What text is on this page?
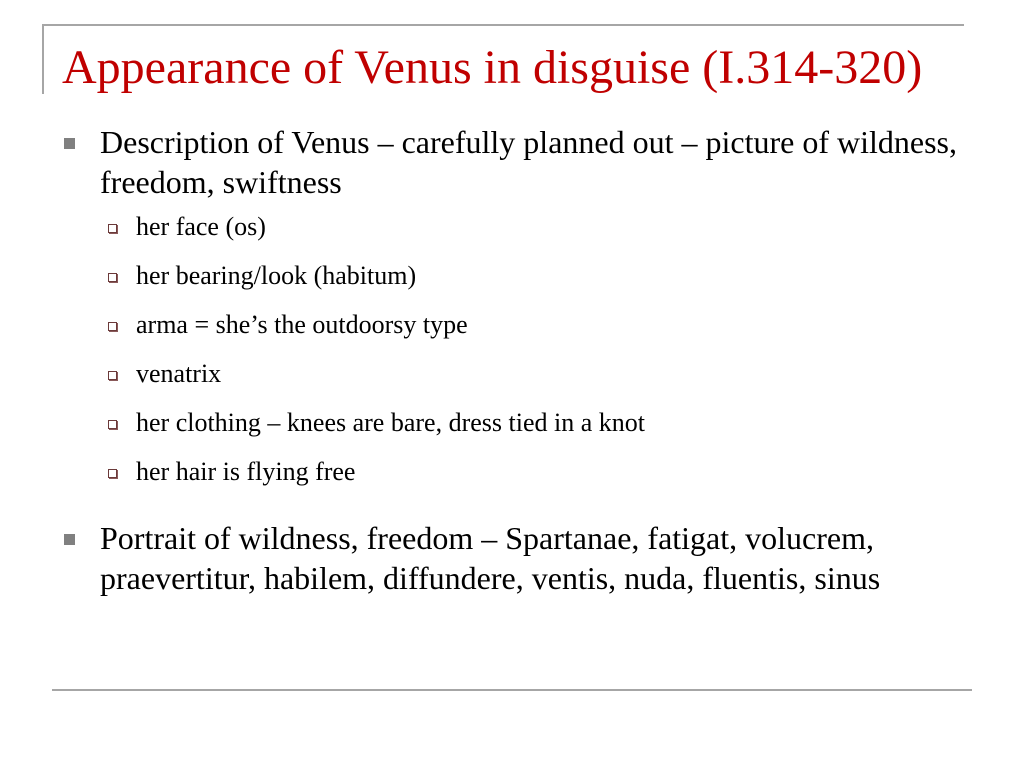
Appearance of Venus in disguise (I.314-320)
Description of Venus – carefully planned out – picture of wildness, freedom, swiftness
her face (os)
her bearing/look (habitum)
arma = she’s the outdoorsy type
venatrix
her clothing – knees are bare, dress tied in a knot
her hair is flying free
Portrait of wildness, freedom – Spartanae, fatigat, volucrem, praevertitur, habilem, diffundere, ventis, nuda, fluentis, sinus
